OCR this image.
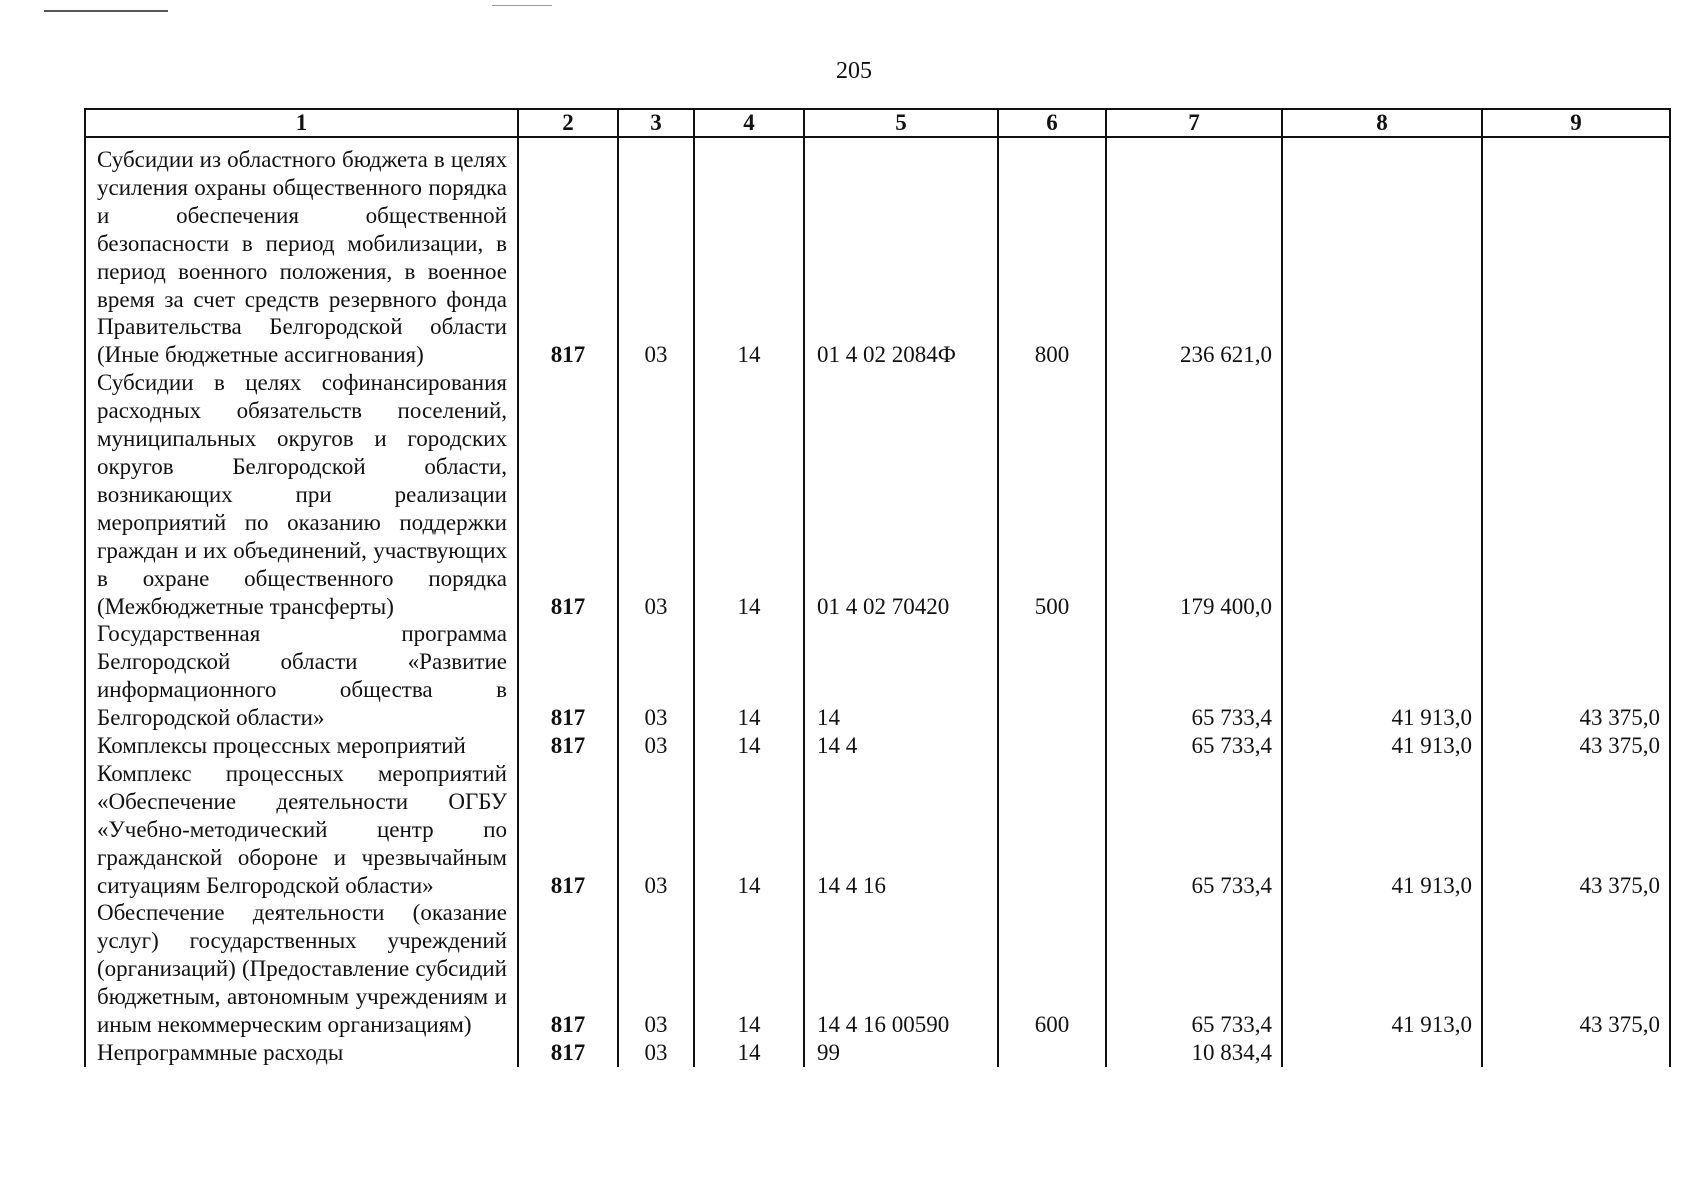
205
1	2	3	4	5	6	7	8	9
Субсидии из областного бюджета в целях усиления охраны общественного порядка и обеспечения общественной безопасности в период мобилизации, в период военного положения, в военное время за счет средств резервного фонда Правительства Белгородской области (Иные бюджетные ассигнования)	817	03	14	01 4 02 2084Ф	800	236 621,0		
Субсидии в целях софинансирования расходных обязательств поселений, муниципальных округов и городских округов Белгородской области, возникающих при реализации мероприятий по оказанию поддержки граждан и их объединений, участвующих в охране общественного порядка (Межбюджетные трансферты)	817	03	14	01 4 02 70420	500	179 400,0		
Государственная программа Белгородской области «Развитие информационного общества в Белгородской области»	817	03	14	14		65 733,4	41 913,0	43 375,0
Комплексы процессных мероприятий	817	03	14	14 4		65 733,4	41 913,0	43 375,0
Комплекс процессных мероприятий «Обеспечение деятельности ОГБУ «Учебно-методический центр по гражданской обороне и чрезвычайным ситуациям Белгородской области»	817	03	14	14 4 16		65 733,4	41 913,0	43 375,0
Обеспечение деятельности (оказание услуг) государственных учреждений (организаций) (Предоставление субсидий бюджетным, автономным учреждениям и иным некоммерческим организациям)	817	03	14	14 4 16 00590	600	65 733,4	41 913,0	43 375,0
Непрограммные расходы	817	03	14	99		10 834,4		
